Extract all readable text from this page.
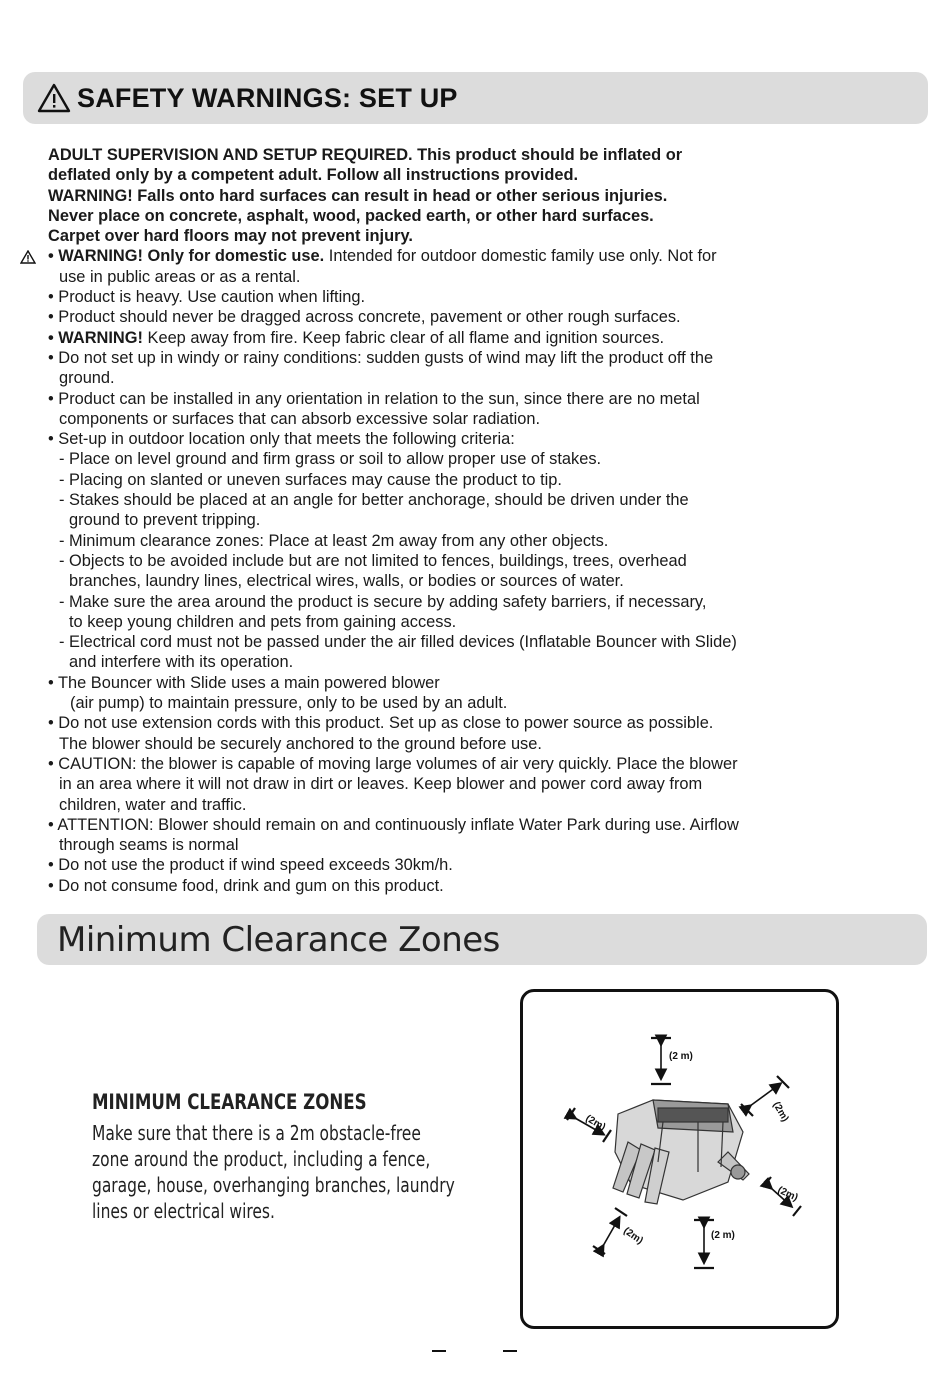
SAFETY WARNINGS: SET UP
ADULT SUPERVISION AND SETUP REQUIRED. This product should be inflated or
deflated only by a competent adult. Follow all instructions provided.
WARNING! Falls onto hard surfaces can result in head or other serious injuries.
Never place on concrete, asphalt, wood, packed earth, or other hard surfaces.
Carpet over hard floors may not prevent injury.
• WARNING! Only for domestic use. Intended for outdoor domestic family use only. Not for
use in public areas or as a rental.
• Product is heavy. Use caution when lifting.
• Product should never be dragged across concrete, pavement or other rough surfaces.
• WARNING! Keep away from fire. Keep fabric clear of all flame and ignition sources.
• Do not set up in windy or rainy conditions: sudden gusts of wind may lift the product off the
ground.
• Product can be installed in any orientation in relation to the sun, since there are no metal
components or surfaces that can absorb excessive solar radiation.
• Set-up in outdoor location only that meets the following criteria:
- Place on level ground and firm grass or soil to allow proper use of stakes.
- Placing on slanted or uneven surfaces may cause the product to tip.
- Stakes should be placed at an angle for better anchorage, should be driven under the
ground to prevent tripping.
- Minimum clearance zones: Place at least 2m away from any other objects.
- Objects to be avoided include but are not limited to fences, buildings, trees, overhead
branches, laundry lines, electrical wires, walls, or bodies or sources of water.
- Make sure the area around the product is secure by adding safety barriers, if necessary,
to keep young children and pets from gaining access.
- Electrical cord must not be passed under the air filled devices (Inflatable Bouncer with Slide)
and interfere with its operation.
• The Bouncer with Slide uses a main powered blower
(air pump) to maintain pressure, only to be used by an adult.
• Do not use extension cords with this product. Set up as close to power source as possible.
The blower should be securely anchored to the ground before use.
• CAUTION: the blower is capable of moving large volumes of air very quickly. Place the blower
in an area where it will not draw in dirt or leaves. Keep blower and power cord away from
children, water and traffic.
• ATTENTION: Blower should remain on and continuously inflate Water Park during use. Airflow
through seams is normal
• Do not use the product if wind speed exceeds 30km/h.
• Do not consume food, drink and gum on this product.
Minimum Clearance Zones
MINIMUM CLEARANCE ZONES
Make sure that there is a 2m obstacle-free
zone around the product, including a fence,
garage, house, overhanging branches, laundry
lines or electrical wires.
(2 m)
(2 m)
(2m)	(2m)
(2m)
(2m)
